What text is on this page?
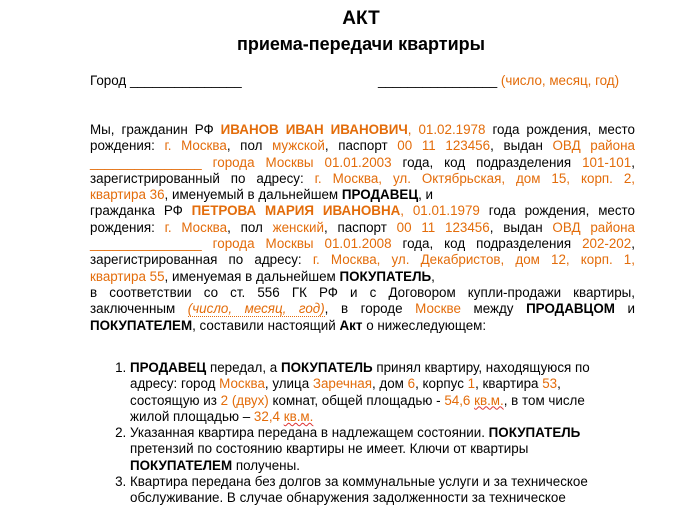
АКТ
приема-передачи квартиры
Город _______________	________________ (число, месяц, год)
Мы, гражданин РФ ИВАНОВ ИВАН ИВАНОВИЧ, 01.02.1978 года рождения, место
рождения: г. Москва, пол мужской, паспорт 00 11 123456, выдан ОВД района
_______________ города Москвы 01.01.2003 года, код подразделения 101-101,
зарегистрированный по адресу: г. Москва, ул. Октябрьская, дом 15, корп. 2,
квартира 36, именуемый в дальнейшем ПРОДАВЕЦ, и
гражданка РФ ПЕТРОВА МАРИЯ ИВАНОВНА, 01.01.1979 года рождения, место
рождения: г. Москва, пол женский, паспорт 00 11 123456, выдан ОВД района
_______________ города Москвы 01.01.2008 года, код подразделения 202-202,
зарегистрированная по адресу: г. Москва, ул. Декабристов, дом 12, корп. 1,
квартира 55, именуемая в дальнейшем ПОКУПАТЕЛЬ,
в соответствии со ст. 556 ГК РФ и с Договором купли-продажи квартиры,
заключенным (число, месяц, год), в городе Москве между ПРОДАВЦОМ и
ПОКУПАТЕЛЕМ, составили настоящий Акт о нижеследующем:
1. ПРОДАВЕЦ передал, а ПОКУПАТЕЛЬ принял квартиру, находящуюся по
адресу: город Москва, улица Заречная, дом 6, корпус 1, квартира 53,
состоящую из 2 (двух) комнат, общей площадью - 54,6 кв.м., в том числе
жилой площадью – 32,4 кв.м.
2. Указанная квартира передана в надлежащем состоянии. ПОКУПАТЕЛЬ
претензий по состоянию квартиры не имеет. Ключи от квартиры
ПОКУПАТЕЛЕМ получены.
3. Квартира передана без долгов за коммунальные услуги и за техническое
обслуживание. В случае обнаружения задолженности за техническое
